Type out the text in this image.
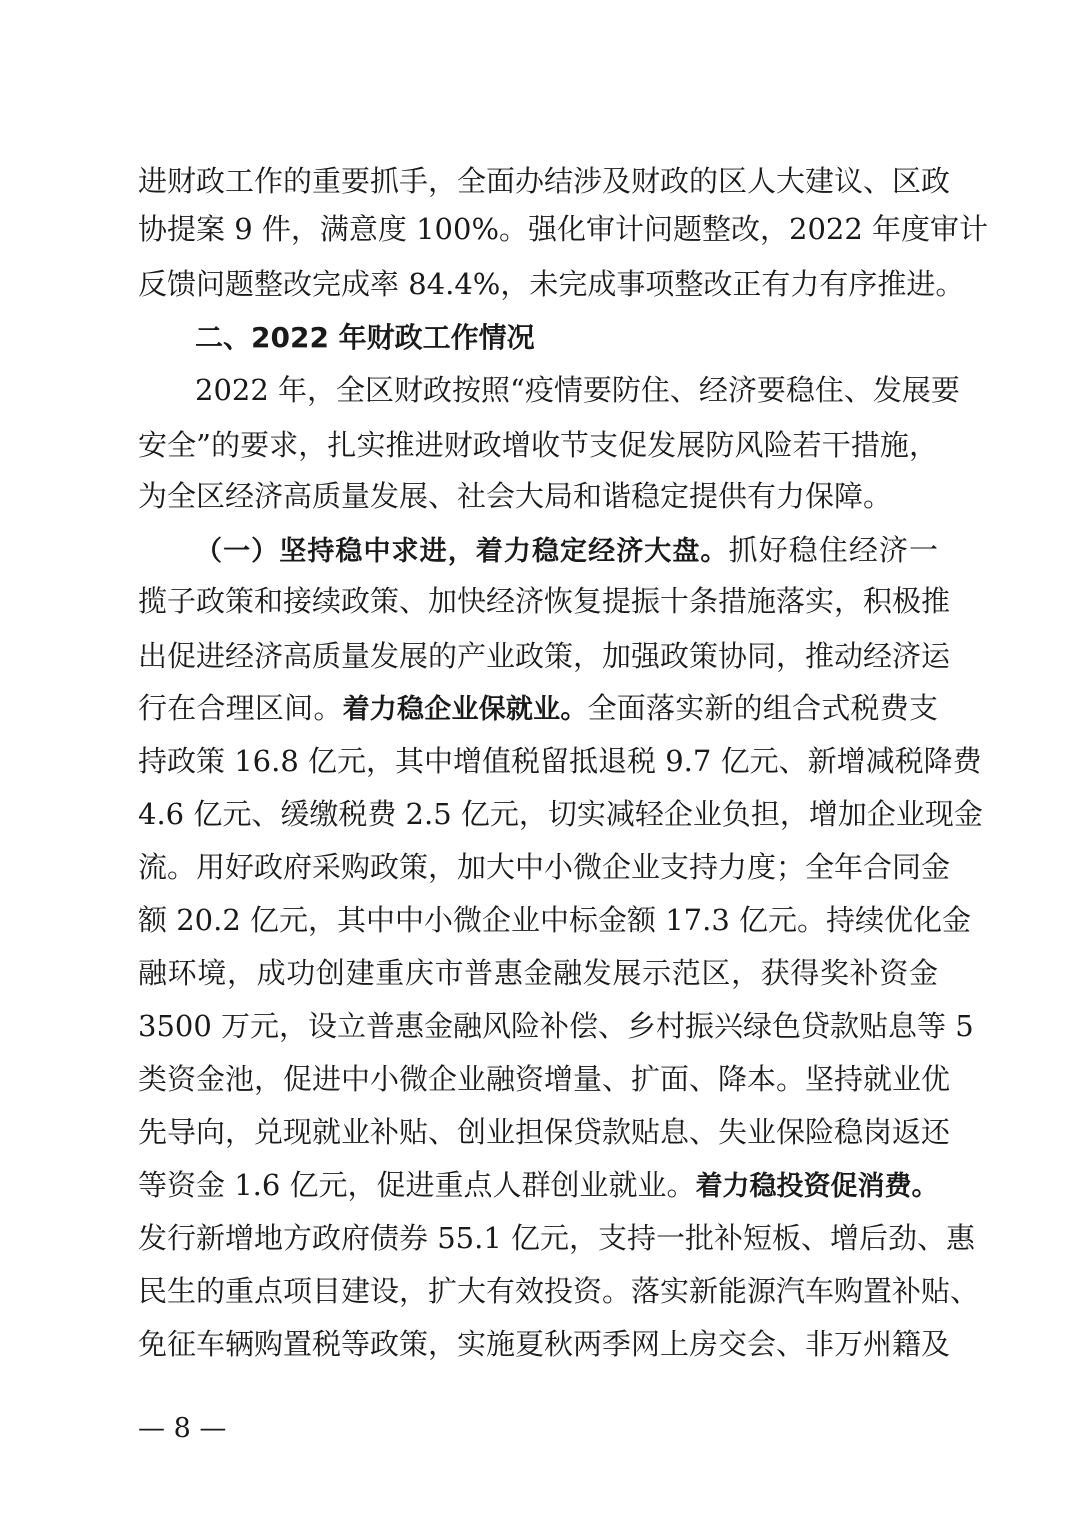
进财政工作的重要抓手，全面办结涉及财政的区人大建议、区政
协提案 9 件，满意度 100%。强化审计问题整改，2022 年度审计
反馈问题整改完成率 84.4%，未完成事项整改正有力有序推进。
二、2022 年财政工作情况
2022 年，全区财政按照“疫情要防住、经济要稳住、发展要
安全”的要求，扎实推进财政增收节支促发展防风险若干措施，
为全区经济高质量发展、社会大局和谐稳定提供有力保障。
（一）坚持稳中求进，着力稳定经济大盘。抓好稳住经济一
揽子政策和接续政策、加快经济恢复提振十条措施落实，积极推
出促进经济高质量发展的产业政策，加强政策协同，推动经济运
行在合理区间。着力稳企业保就业。全面落实新的组合式税费支
持政策 16.8 亿元，其中增值税留抵退税 9.7 亿元、新增减税降费
4.6 亿元、缓缴税费 2.5 亿元，切实减轻企业负担，增加企业现金
流。用好政府采购政策，加大中小微企业支持力度；全年合同金
额 20.2 亿元，其中中小微企业中标金额 17.3 亿元。持续优化金
融环境，成功创建重庆市普惠金融发展示范区，获得奖补资金
3500 万元，设立普惠金融风险补偿、乡村振兴绿色贷款贴息等 5
类资金池，促进中小微企业融资增量、扩面、降本。坚持就业优
先导向，兑现就业补贴、创业担保贷款贴息、失业保险稳岗返还
等资金 1.6 亿元，促进重点人群创业就业。着力稳投资促消费。
发行新增地方政府债券 55.1 亿元，支持一批补短板、增后劲、惠
民生的重点项目建设，扩大有效投资。落实新能源汽车购置补贴、
免征车辆购置税等政策，实施夏秋两季网上房交会、非万州籍及
— 8 —
